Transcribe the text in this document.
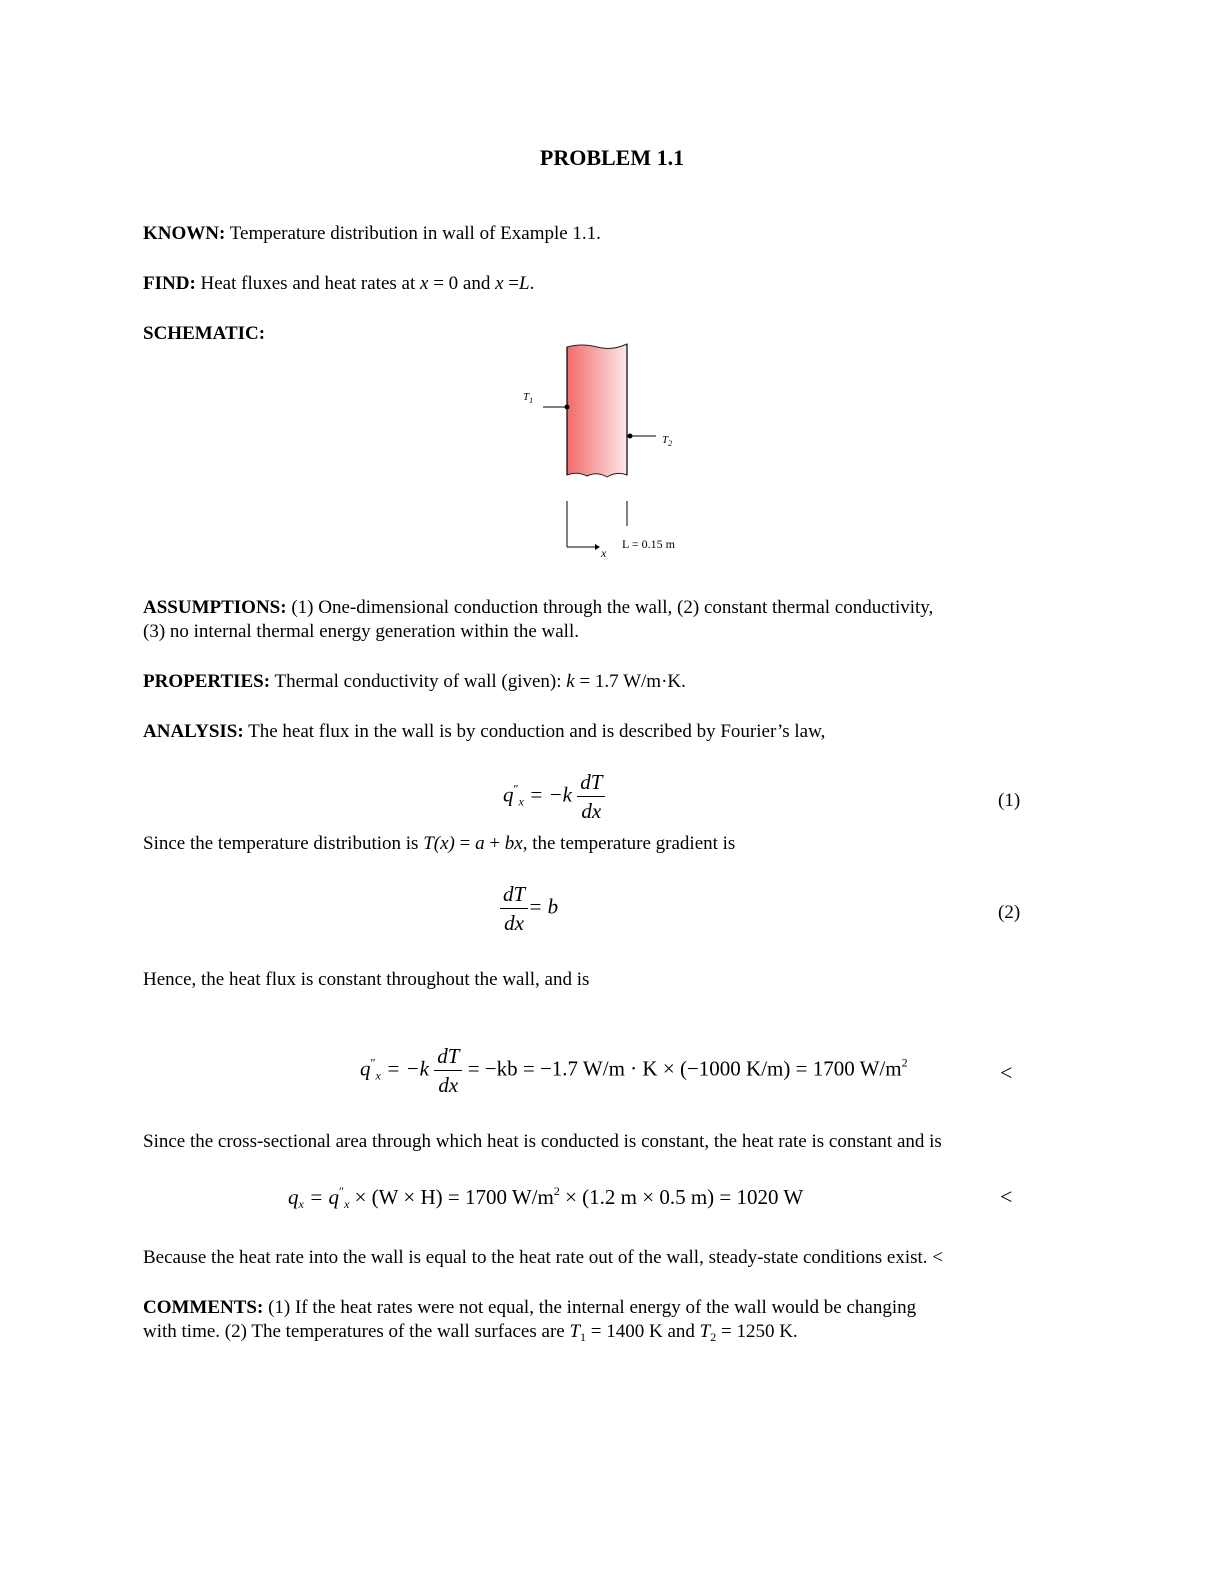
PROBLEM 1.1
KNOWN: Temperature distribution in wall of Example 1.1.
FIND: Heat fluxes and heat rates at x = 0 and x =L.
SCHEMATIC:
$T_1$
$T_2$
x
L = 0.15 m
ASSUMPTIONS: (1) One-dimensional conduction through the wall, (2) constant thermal conductivity,
(3) no internal thermal energy generation within the wall.
PROPERTIES: Thermal conductivity of wall (given): k = 1.7 W/m·K.
ANALYSIS: The heat flux in the wall is by conduction and is described by Fourier’s law,
$q''x = -k \frac{dT}{dx}$	(1)
Since the temperature distribution is T(x) = a + bx, the temperature gradient is
$\frac{dT}{dx} = b$	(2)
Hence, the heat flux is constant throughout the wall, and is
$q''x = -k \frac{dT}{dx} = -kb = -1.7$ W/m · K × (−1000 K/m) = 1700 $W/m^2$	<
Since the cross-sectional area through which heat is conducted is constant, the heat rate is constant and is
qx = q″x × (W × H) = 1700 $W/m^2 \times (1.2$ m × 0.5 m) = 1020 W	<
Because the heat rate into the wall is equal to the heat rate out of the wall, steady-state conditions exist. <
COMMENTS: (1) If the heat rates were not equal, the internal energy of the wall would be changing
with time. (2) The temperatures of the wall surfaces are $T_1 = 1400$ K and $T_2 = 1250$ K.
